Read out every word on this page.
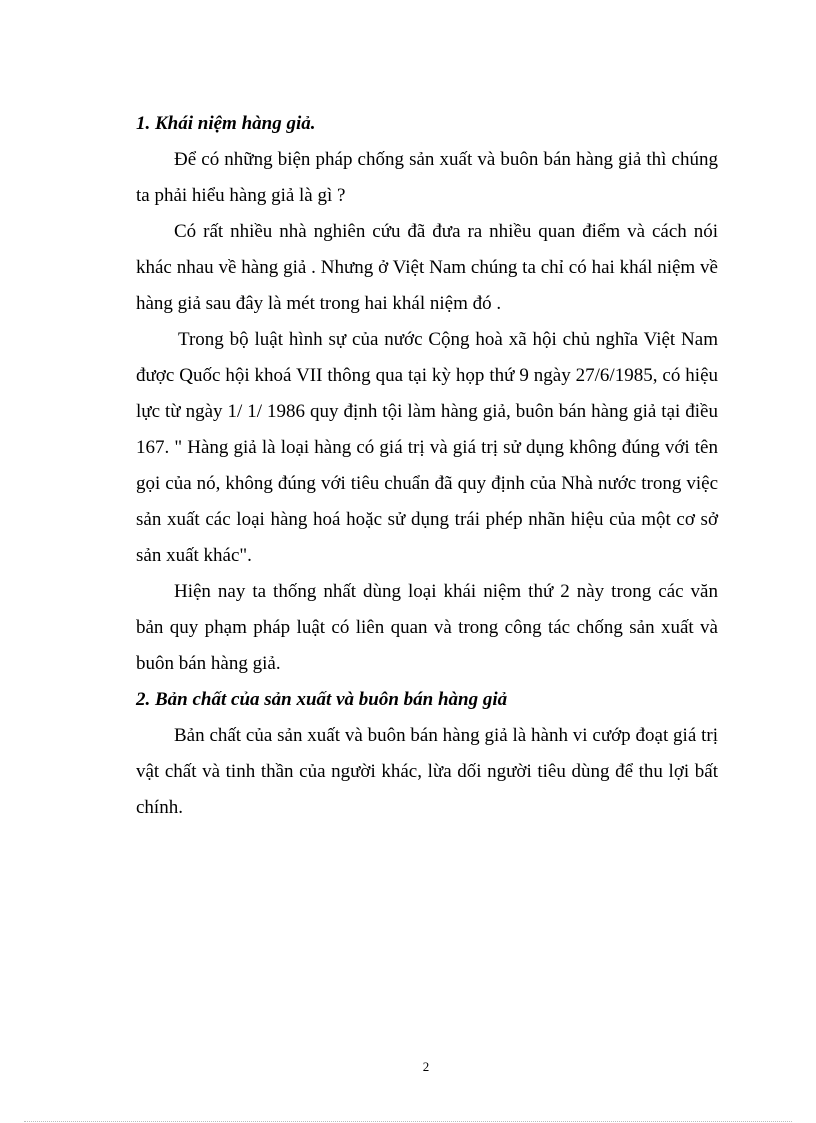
1. Khái niệm hàng giả.

Để có những biện pháp chống sản xuất và buôn bán hàng giả thì chúng ta phải hiểu hàng giả là gì ?

Có rất nhiều nhà nghiên cứu đã đưa ra nhiều quan điểm và cách nói khác nhau về hàng giả . Nhưng ở Việt Nam chúng ta chỉ có hai khál niệm về hàng giả sau đây là mét trong hai khál niệm đó .

Trong bộ luật hình sự của nước Cộng hoà xã hội chủ nghĩa Việt Nam được Quốc hội khoá VII thông qua tại kỳ họp thứ 9 ngày 27/6/1985, có hiệu lực từ ngày 1/ 1/ 1986 quy định tội làm hàng giả, buôn bán hàng giả tại điều 167. " Hàng giả là loại hàng có giá trị và giá trị sử dụng không đúng với tên gọi của nó, không đúng với tiêu chuẩn đã quy định của Nhà nước trong việc sản xuất các loại hàng hoá hoặc sử dụng trái phép nhãn hiệu của một cơ sở sản xuất khác".

Hiện nay ta thống nhất dùng loại khái niệm thứ 2 này trong các văn bản quy phạm pháp luật có liên quan và trong công tác chống sản xuất và buôn bán hàng giả.

2. Bản chất của sản xuất và buôn bán hàng giả

Bản chất của sản xuất và buôn bán hàng giả là hành vi cướp đoạt giá trị vật chất và tinh thần của người khác, lừa dối người tiêu dùng để thu lợi bất chính.

2
